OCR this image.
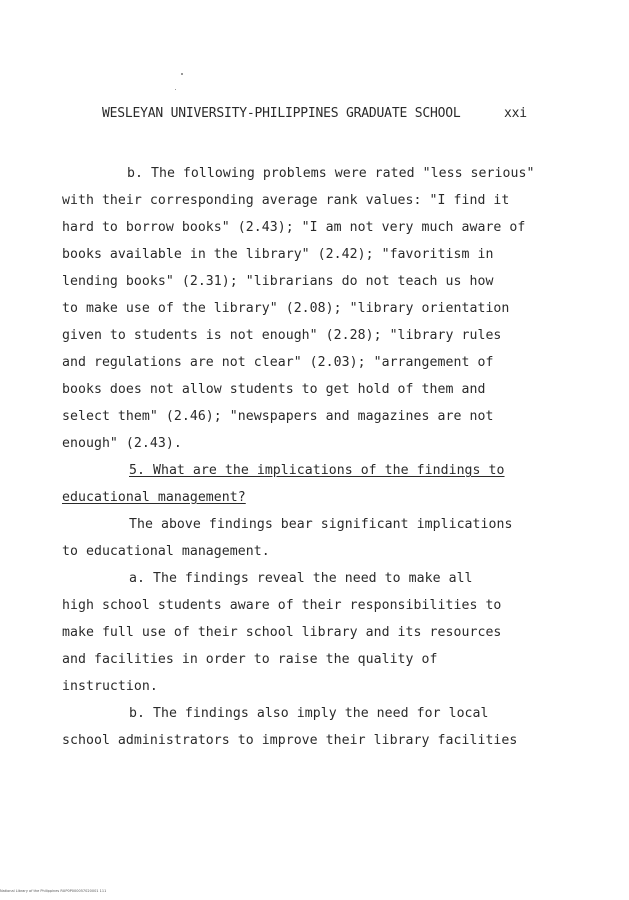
WESLEYAN UNIVERSITY-PHILIPPINES GRADUATE SCHOOL	xxi
b. The following problems were rated "less serious"
with their corresponding average rank values: "I find it
hard to borrow books" (2.43); "I am not very much aware of
books available in the library" (2.42); "favoritism in
lending books" (2.31); "librarians do not teach us how
to make use of the library" (2.08); "library orientation
given to students is not enough" (2.28); "library rules
and regulations are not clear" (2.03); "arrangement of
books does not allow students to get hold of them and
select them" (2.46); "newspapers and magazines are not
enough" (2.43).
5. What are the implications of the findings to
educational management?
The above findings bear significant implications
to educational management.
a. The findings reveal the need to make all
high school students aware of their responsibilities to
make full use of their school library and its resources
and facilities in order to raise the quality of
instruction.
b. The findings also imply the need for local
school administrators to improve their library facilities
National Library of the Philippines RUP0P000057020001 111
